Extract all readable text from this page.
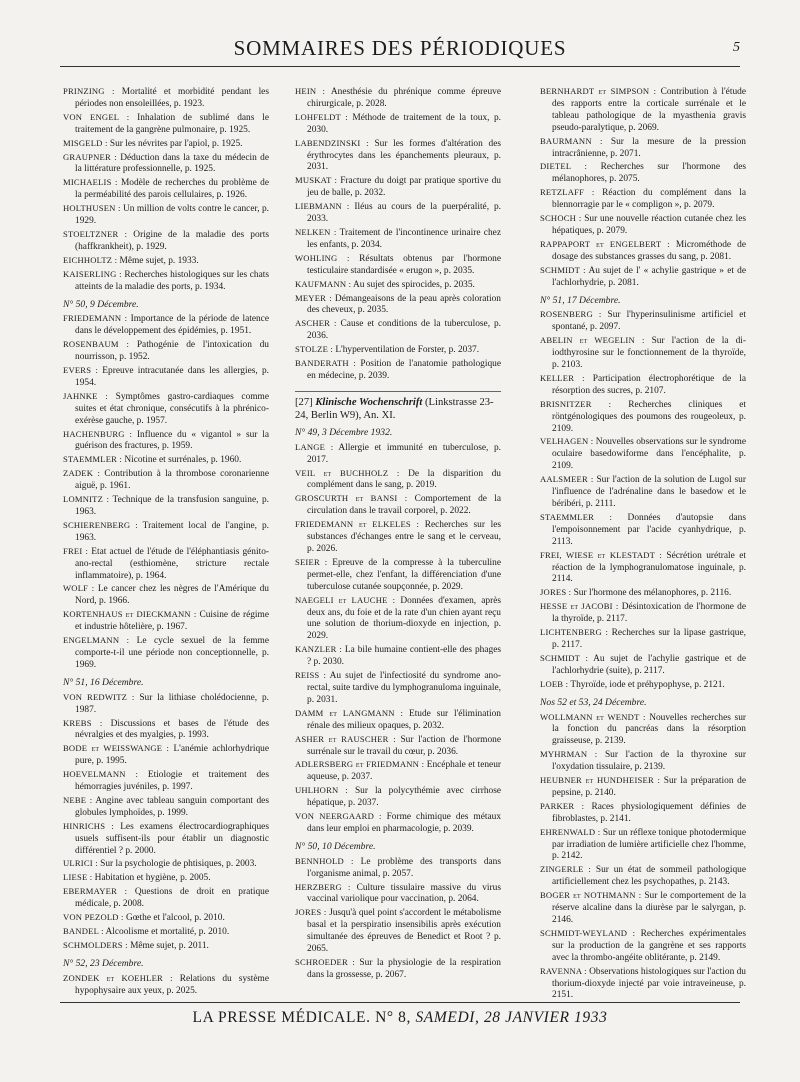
SOMMAIRES DES PÉRIODIQUES	5
PRINZING : Mortalité et morbidité pendant les périodes non ensoleillées, p. 1923.
VON ENGEL : Inhalation de sublimé dans le traitement de la gangrène pulmonaire, p. 1925.
MISGELD : Sur les névrites par l'apiol, p. 1925.
GRAUPNER : Déduction dans la taxe du médecin de la littérature professionnelle, p. 1925.
MICHAELIS : Modèle de recherches du problème de la perméabilité des parois cellulaires, p. 1926.
HOLTHUSEN : Un million de volts contre le cancer, p. 1929.
STOELTZNER : Origine de la maladie des ports (haffkrankheit), p. 1929.
EICHHOLTZ : Même sujet, p. 1933.
KAISERLING : Recherches histologiques sur les chats atteints de la maladie des ports, p. 1934.
N° 50, 9 Décembre.
FRIEDEMANN : Importance de la période de latence dans le développement des épidémies, p. 1951.
ROSENBAUM : Pathogénie de l'intoxication du nourrisson, p. 1952.
EVERS : Epreuve intracutanée dans les allergies, p. 1954.
JAHNKE : Symptômes gastro-cardiaques comme suites et état chronique, consécutifs à la phrénico-exérèse gauche, p. 1957.
HACHENBURG : Influence du « vigantol » sur la guérison des fractures, p. 1959.
STAEMMLER : Nicotine et surrénales, p. 1960.
ZADEK : Contribution à la thrombose coronarienne aiguë, p. 1961.
LOMNITZ : Technique de la transfusion sanguine, p. 1963.
SCHIERENBERG : Traitement local de l'angine, p. 1963.
FREI : Etat actuel de l'étude de l'éléphantiasis génito-ano-rectal (esthiomène, stricture rectale inflammatoire), p. 1964.
WOLF : Le cancer chez les nègres de l'Amérique du Nord, p. 1966.
KORTENHAUS et DIECKMANN : Cuisine de régime et industrie hôtelière, p. 1967.
ENGELMANN : Le cycle sexuel de la femme comporte-t-il une période non conceptionnelle, p. 1969.
N° 51, 16 Décembre.
VON REDWITZ : Sur la lithiase cholédocienne, p. 1987.
KREBS : Discussions et bases de l'étude des névralgies et des myalgies, p. 1993.
BODE et WEISSWANGE : L'anémie achlorhydrique pure, p. 1995.
HOEVELMANN : Etiologie et traitement des hémorragies juvéniles, p. 1997.
NEBE : Angine avec tableau sanguin comportant des globules lymphoïdes, p. 1999.
HINRICHS : Les examens électrocardiographiques usuels suffisent-ils pour établir un diagnostic différentiel ? p. 2000.
ULRICI : Sur la psychologie de phtisiques, p. 2003.
LIESE : Habitation et hygiène, p. 2005.
EBERMAYER : Questions de droit en pratique médicale, p. 2008.
VON PEZOLD : Gœthe et l'alcool, p. 2010.
BANDEL : Alcoolisme et mortalité, p. 2010.
SCHMOLDERS : Même sujet, p. 2011.
N° 52, 23 Décembre.
ZONDEK et KOEHLER : Relations du système hypophysaire aux yeux, p. 2025.
HEIN : Anesthésie du phrénique comme épreuve chirurgicale, p. 2028.
LOHFELDT : Méthode de traitement de la toux, p. 2030.
LABENDZINSKI : Sur les formes d'altération des érythrocytes dans les épanchements pleuraux, p. 2031.
MUSKAT : Fracture du doigt par pratique sportive du jeu de balle, p. 2032.
LIEBMANN : Iléus au cours de la puerpéralité, p. 2033.
NELKEN : Traitement de l'incontinence urinaire chez les enfants, p. 2034.
WOHLING : Résultats obtenus par l'hormone testiculaire standardisée « erugon », p. 2035.
KAUFMANN : Au sujet des spirocides, p. 2035.
MEYER : Démangeaisons de la peau après coloration des cheveux, p. 2035.
ASCHER : Cause et conditions de la tuberculose, p. 2036.
STOLZE : L'hyperventilation de Forster, p. 2037.
BANDERATH : Position de l'anatomie pathologique en médecine, p. 2039.
[27] Klinische Wochenschrift (Linkstrasse 23-24, Berlin W9), An. XI.
N° 49, 3 Décembre 1932.
LANGE : Allergie et immunité en tuberculose, p. 2017.
VEIL et BUCHHOLZ : De la disparition du complément dans le sang, p. 2019.
GROSCURTH et BANSI : Comportement de la circulation dans le travail corporel, p. 2022.
FRIEDEMANN et ELKELES : Recherches sur les substances d'échanges entre le sang et le cerveau, p. 2026.
SEIER : Epreuve de la compresse à la tuberculine permet-elle, chez l'enfant, la différenciation d'une tuberculose cutanée soupçonnée, p. 2029.
NAEGELI et LAUCHE : Données d'examen, après deux ans, du foie et de la rate d'un chien ayant reçu une solution de thorium-dioxyde en injection, p. 2029.
KANZLER : La bile humaine contient-elle des phages ? p. 2030.
REISS : Au sujet de l'infectiosité du syndrome ano-rectal, suite tardive du lymphogranuloma inguinale, p. 2031.
DAMM et LANGMANN : Etude sur l'élimination rénale des milieux opaques, p. 2032.
ASHER et RAUSCHER : Sur l'action de l'hormone surrénale sur le travail du cœur, p. 2036.
ADLERSBERG et FRIEDMANN : Encéphale et teneur aqueuse, p. 2037.
UHLHORN : Sur la polycythémie avec cirrhose hépatique, p. 2037.
VON NEERGAARD : Forme chimique des métaux dans leur emploi en pharmacologie, p. 2039.
N° 50, 10 Décembre.
BENNHOLD : Le problème des transports dans l'organisme animal, p. 2057.
HERZBERG : Culture tissulaire massive du virus vaccinal variolique pour vaccination, p. 2064.
JORES : Jusqu'à quel point s'accordent le métabolisme basal et la perspiratio insensibilis après exécution simultanée des épreuves de Benedict et Root ? p. 2065.
SCHROEDER : Sur la physiologie de la respiration dans la grossesse, p. 2067.
BERNHARDT et SIMPSON : Contribution à l'étude des rapports entre la corticale surrénale et le tableau pathologique de la myasthenia gravis pseudo-paralytique, p. 2069.
BAURMANN : Sur la mesure de la pression intracrânienne, p. 2071.
DIETEL : Recherches sur l'hormone des mélanophores, p. 2075.
RETZLAFF : Réaction du complément dans la blennorragie par le « compligon », p. 2079.
SCHOCH : Sur une nouvelle réaction cutanée chez les hépatiques, p. 2079.
RAPPAPORT et ENGELBERT : Microméthode de dosage des substances grasses du sang, p. 2081.
SCHMIDT : Au sujet de l' « achylie gastrique » et de l'achlorhydrie, p. 2081.
N° 51, 17 Décembre.
ROSENBERG : Sur l'hyperinsulinisme artificiel et spontané, p. 2097.
ABELIN et WEGELIN : Sur l'action de la di-iodthyrosine sur le fonctionnement de la thyroïde, p. 2103.
KELLER : Participation électrophorétique de la résorption des sucres, p. 2107.
BRISNITZER : Recherches cliniques et röntgénologiques des poumons des rougeoleux, p. 2109.
VELHAGEN : Nouvelles observations sur le syndrome oculaire basedowiforme dans l'encéphalite, p. 2109.
AALSMEER : Sur l'action de la solution de Lugol sur l'influence de l'adrénaline dans le basedow et le béribéri, p. 2111.
STAEMMLER : Données d'autopsie dans l'empoisonnement par l'acide cyanhydrique, p. 2113.
FREI, WIESE et KLESTADT : Sécrétion urétrale et réaction de la lymphogranulomatose inguinale, p. 2114.
JORES : Sur l'hormone des mélanophores, p. 2116.
HESSE et JACOBI : Désintoxication de l'hormone de la thyroïde, p. 2117.
LICHTENBERG : Recherches sur la lipase gastrique, p. 2117.
SCHMIDT : Au sujet de l'achylie gastrique et de l'achlorhydrie (suite), p. 2117.
LOEB : Thyroïde, iode et préhypophyse, p. 2121.
Nos 52 et 53, 24 Décembre.
WOLLMANN et WENDT : Nouvelles recherches sur la fonction du pancréas dans la résorption graisseuse, p. 2139.
MYHRMAN : Sur l'action de la thyroxine sur l'oxydation tissulaire, p. 2139.
HEUBNER et HUNDHEISER : Sur la préparation de pepsine, p. 2140.
PARKER : Races physiologiquement définies de fibroblastes, p. 2141.
EHRENWALD : Sur un réflexe tonique photodermique par irradiation de lumière artificielle chez l'homme, p. 2142.
ZINGERLE : Sur un état de sommeil pathologique artificiellement chez les psychopathes, p. 2143.
BOGER et NOTHMANN : Sur le comportement de la réserve alcaline dans la diurèse par le salyrgan, p. 2146.
SCHMIDT-WEYLAND : Recherches expérimentales sur la production de la gangrène et ses rapports avec la thrombo-angéite oblitérante, p. 2149.
RAVENNA : Observations histologiques sur l'action du thorium-dioxyde injecté par voie intraveineuse, p. 2151.
LA PRESSE MÉDICALE. N° 8, SAMEDI, 28 JANVIER 1933
